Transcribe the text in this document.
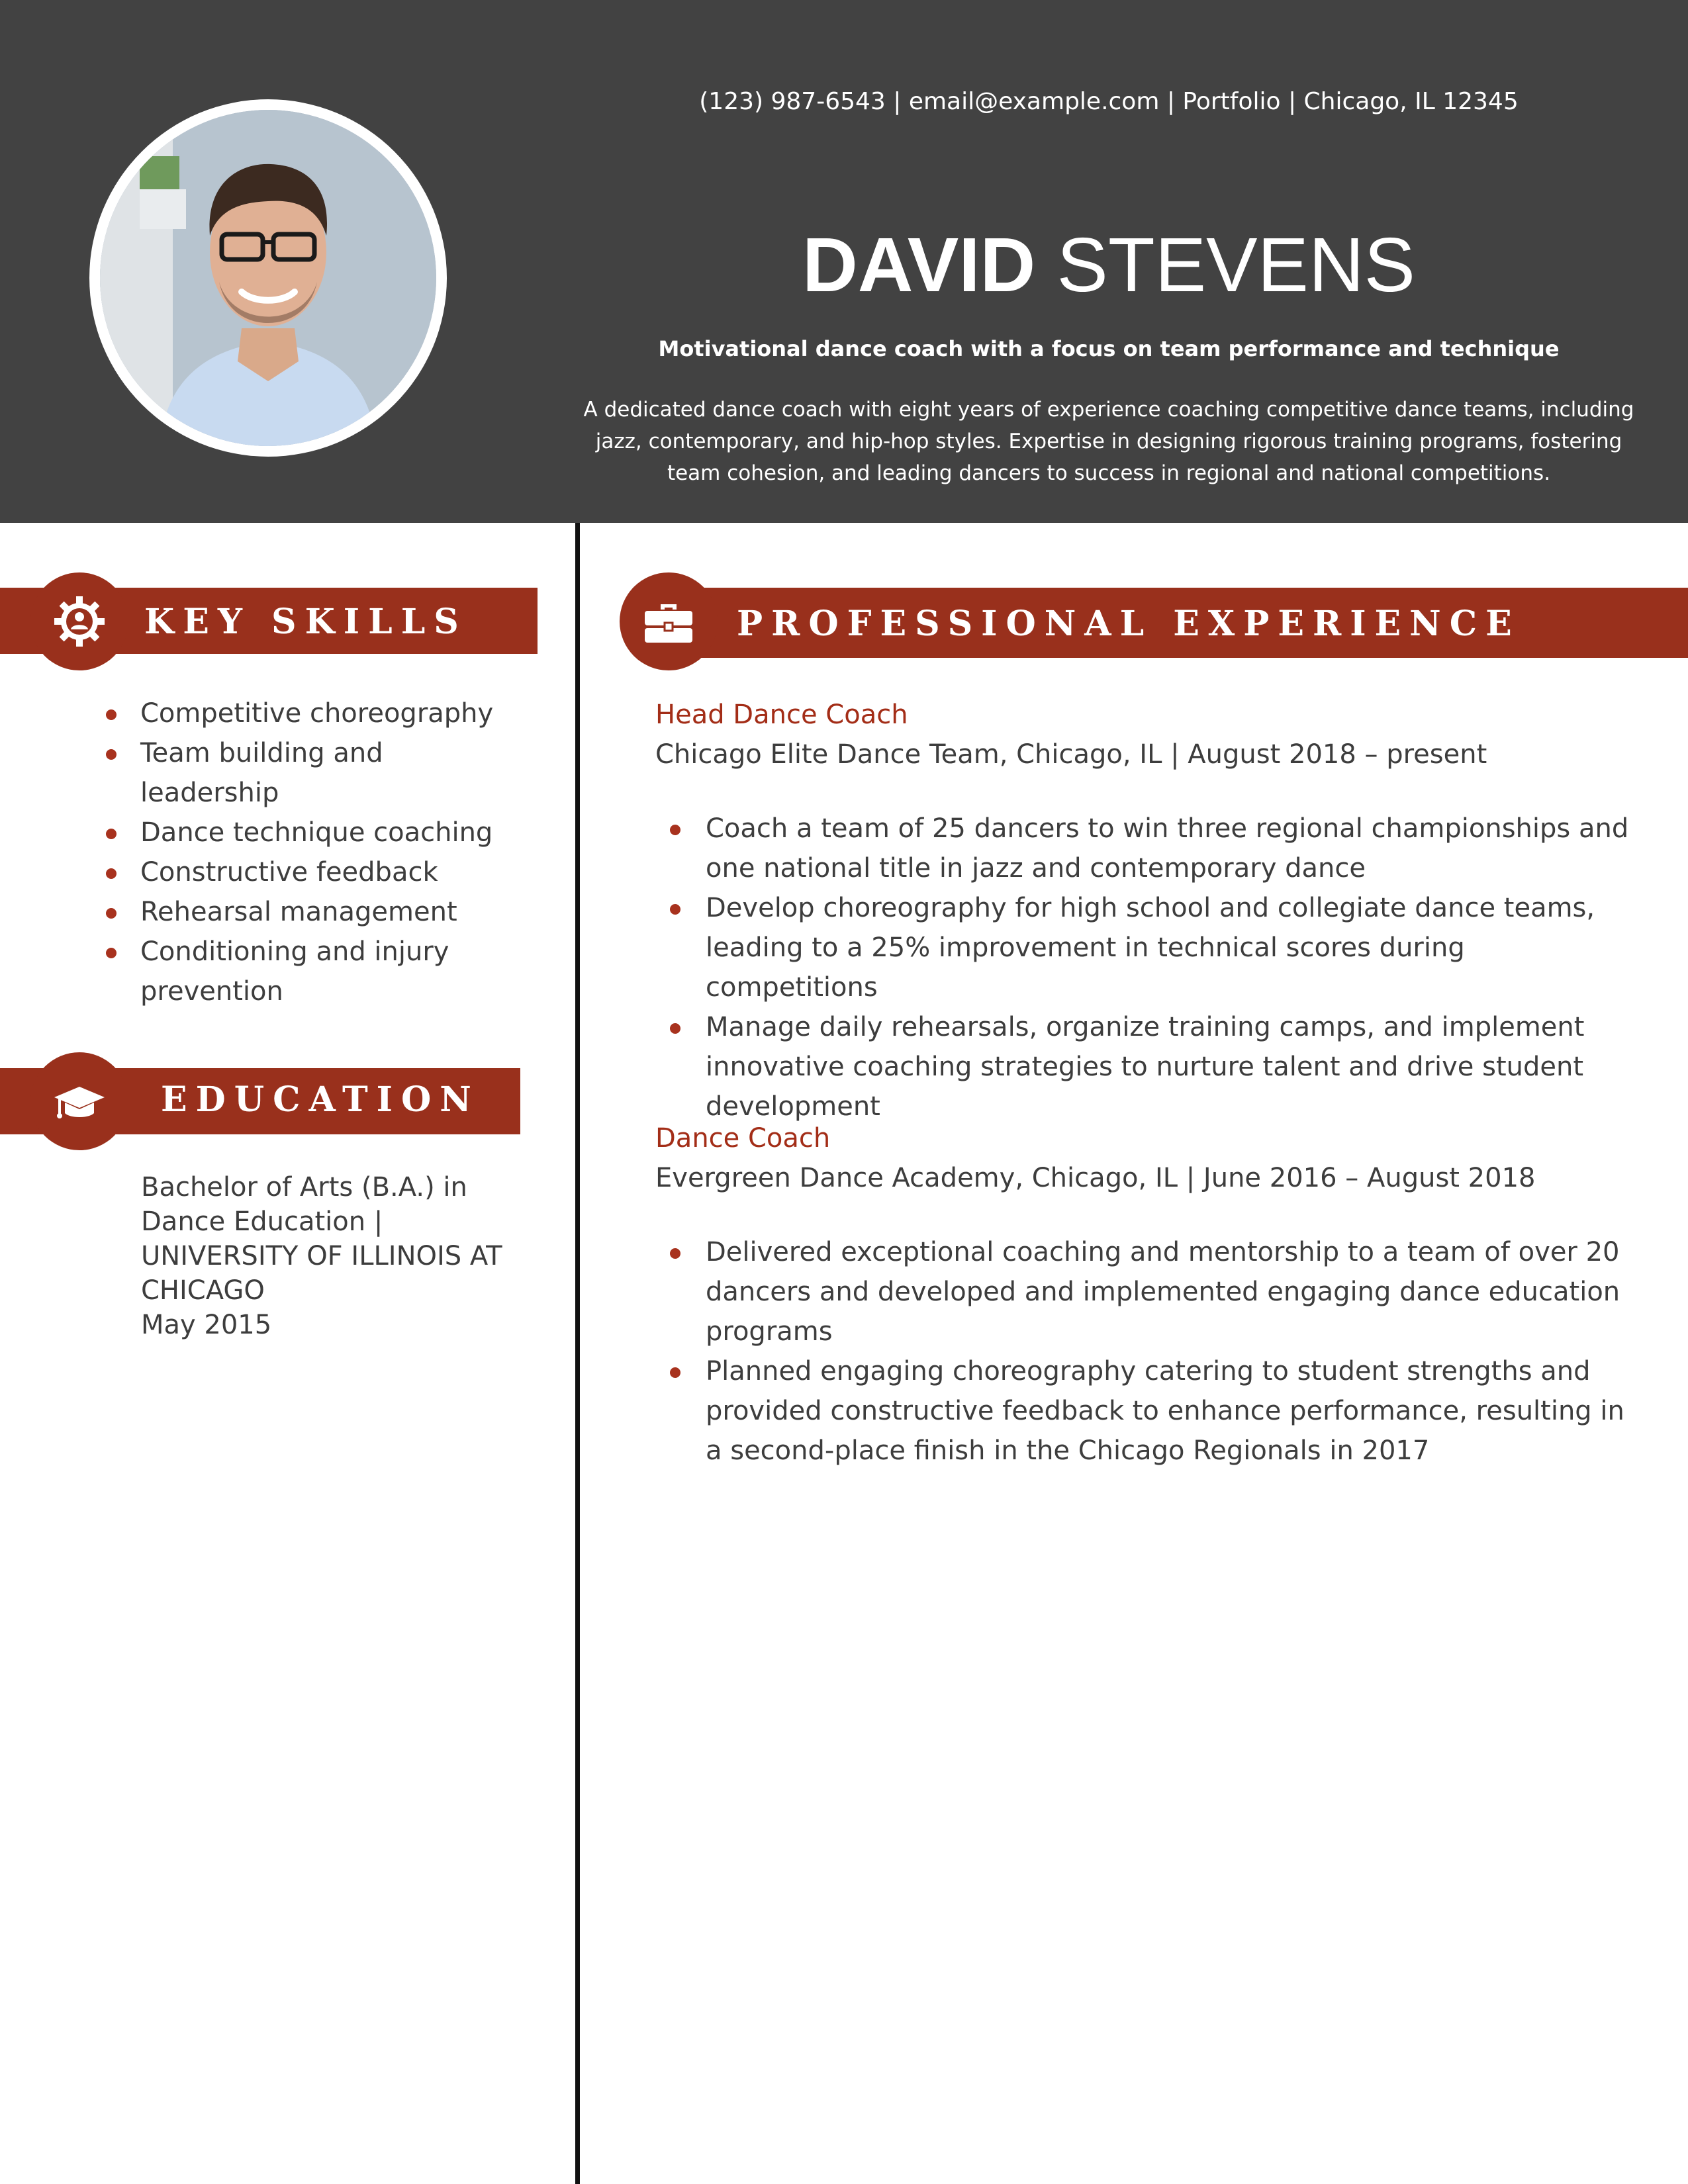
(123) 987-6543 | email@example.com | Portfolio | Chicago, IL 12345
DAVID STEVENS
Motivational dance coach with a focus on team performance and technique
A dedicated dance coach with eight years of experience coaching competitive dance teams, including jazz, contemporary, and hip-hop styles. Expertise in designing rigorous training programs, fostering team cohesion, and leading dancers to success in regional and national competitions.
KEY SKILLS
Competitive choreography
Team building and leadership
Dance technique coaching
Constructive feedback
Rehearsal management
Conditioning and injury prevention
EDUCATION
Bachelor of Arts (B.A.) in Dance Education |
UNIVERSITY OF ILLINOIS AT CHICAGO
May 2015
PROFESSIONAL EXPERIENCE
Head Dance Coach
Chicago Elite Dance Team, Chicago, IL | August 2018 – present
Coach a team of 25 dancers to win three regional championships and one national title in jazz and contemporary dance
Develop choreography for high school and collegiate dance teams, leading to a 25% improvement in technical scores during competitions
Manage daily rehearsals, organize training camps, and implement innovative coaching strategies to nurture talent and drive student development
Dance Coach
Evergreen Dance Academy, Chicago, IL | June 2016 – August 2018
Delivered exceptional coaching and mentorship to a team of over 20 dancers and developed and implemented engaging dance education programs
Planned engaging choreography catering to student strengths and provided constructive feedback to enhance performance, resulting in a second-place finish in the Chicago Regionals in 2017
